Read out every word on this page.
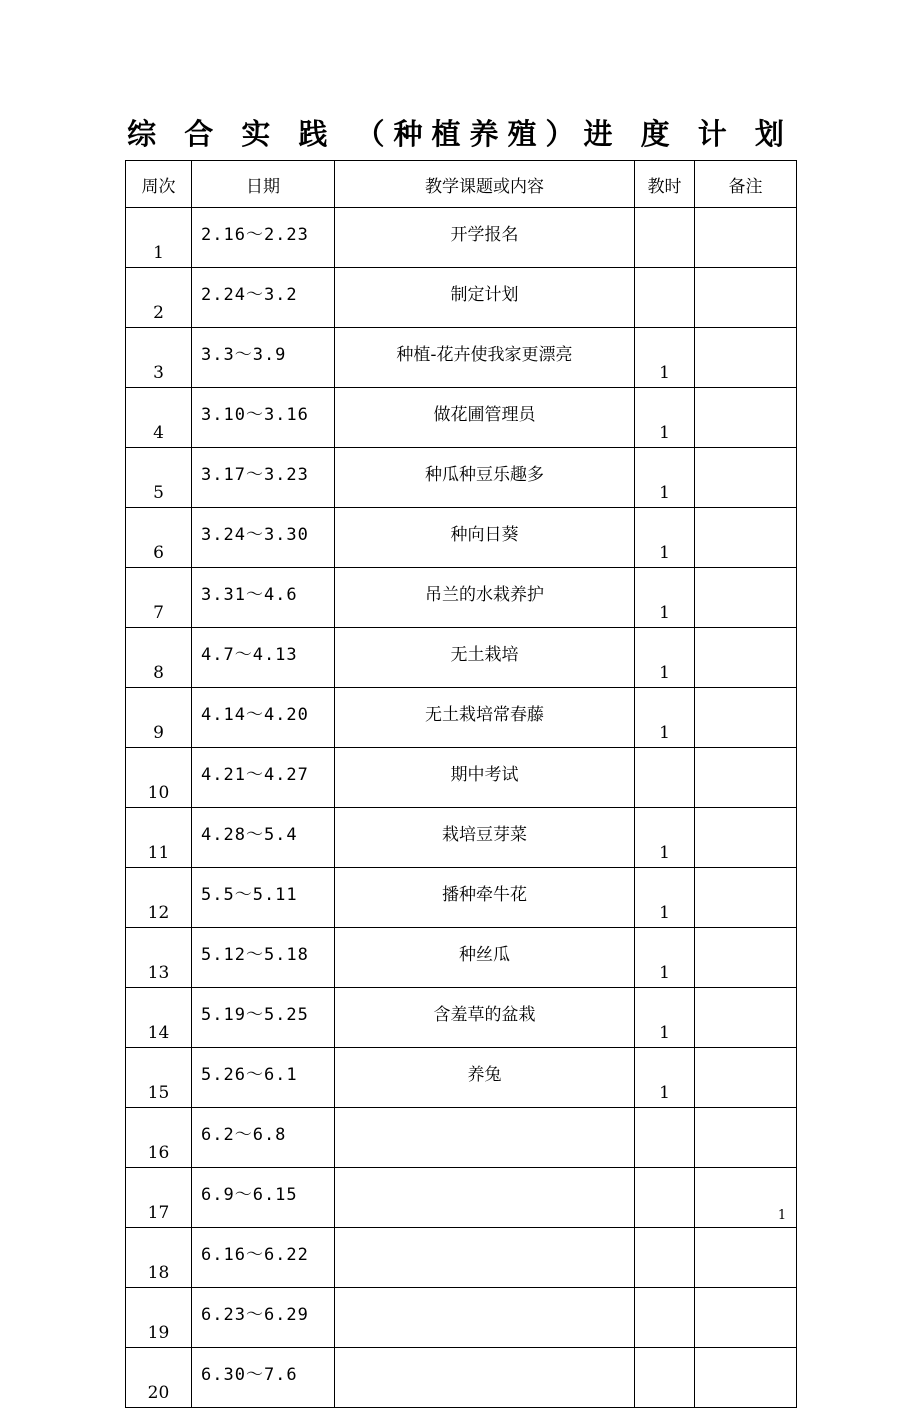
综 合 实 践 （种植养殖）进 度 计 划
周次	日期	教学课题或内容	教时	备注
1	2.16～2.23	开学报名		
2	2.24～3.2	制定计划		
3	3.3～3.9	种植-花卉使我家更漂亮	1	
4	3.10～3.16	做花圃管理员	1	
5	3.17～3.23	种瓜种豆乐趣多	1	
6	3.24～3.30	种向日葵	1	
7	3.31～4.6	吊兰的水栽养护	1	
8	4.7～4.13	无土栽培	1	
9	4.14～4.20	无土栽培常春藤	1	
10	4.21～4.27	期中考试		
11	4.28～5.4	栽培豆芽菜	1	
12	5.5～5.11	播种牵牛花	1	
13	5.12～5.18	种丝瓜	1	
14	5.19～5.25	含羞草的盆栽	1	
15	5.26～6.1	养兔	1	
16	6.2～6.8			
17	6.9～6.15			
18	6.16～6.22			
19	6.23～6.29			
20	6.30～7.6			
1
